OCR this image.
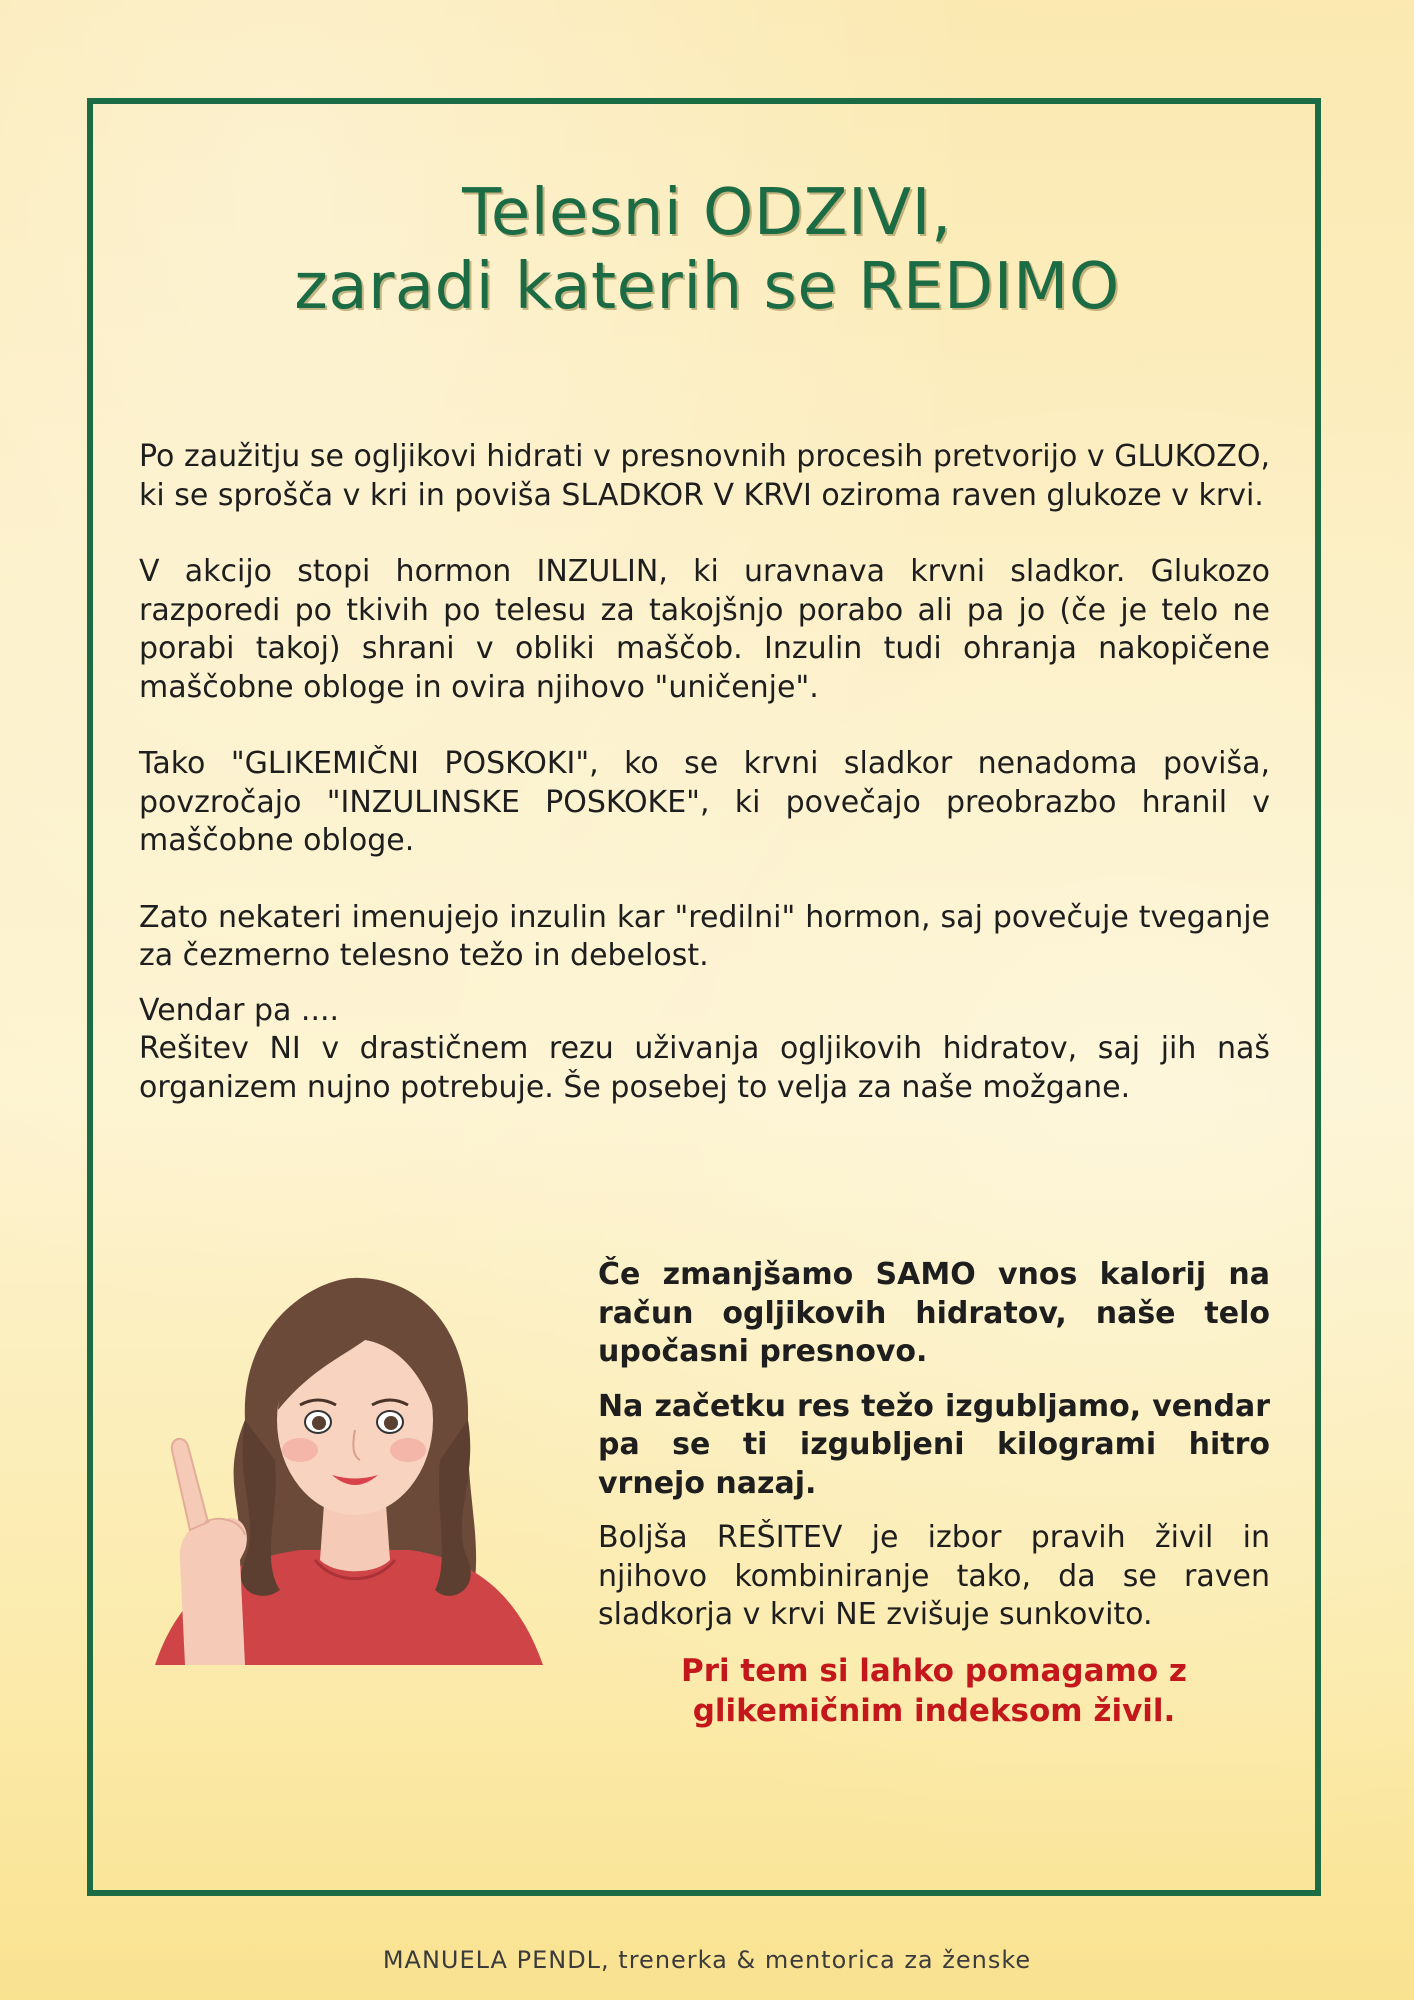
Telesni ODZIVI,
zaradi katerih se REDIMO

Po zaužitju se ogljikovi hidrati v presnovnih procesih pretvorijo v GLUKOZO, ki se sprošča v kri in poviša SLADKOR V KRVI oziroma raven glukoze v krvi.

V akcijo stopi hormon INZULIN, ki uravnava krvni sladkor. Glukozo razporedi po tkivih po telesu za takojšnjo porabo ali pa jo (če je telo ne porabi takoj) shrani v obliki maščob. Inzulin tudi ohranja nakopičene maščobne obloge in ovira njihovo "uničenje".

Tako "GLIKEMIČNI POSKOKI", ko se krvni sladkor nenadoma poviša, povzročajo "INZULINSKE POSKOKE", ki povečajo preobrazbo hranil v maščobne obloge.

Zato nekateri imenujejo inzulin kar "redilni" hormon, saj povečuje tveganje za čezmerno telesno težo in debelost.

Vendar pa ....

Rešitev NI v drastičnem rezu uživanja ogljikovih hidratov, saj jih naš organizem nujno potrebuje. Še posebej to velja za naše možgane.

Če zmanjšamo SAMO vnos kalorij na račun ogljikovih hidratov, naše telo upočasni presnovo.

Na začetku res težo izgubljamo, vendar pa se ti izgubljeni kilogrami hitro vrnejo nazaj.

Boljša REŠITEV je izbor pravih živil in njihovo kombiniranje tako, da se raven sladkorja v krvi NE zvišuje sunkovito.

Pri tem si lahko pomagamo z
glikemičnim indeksom živil.

MANUELA PENDL, trenerka & mentorica za ženske
